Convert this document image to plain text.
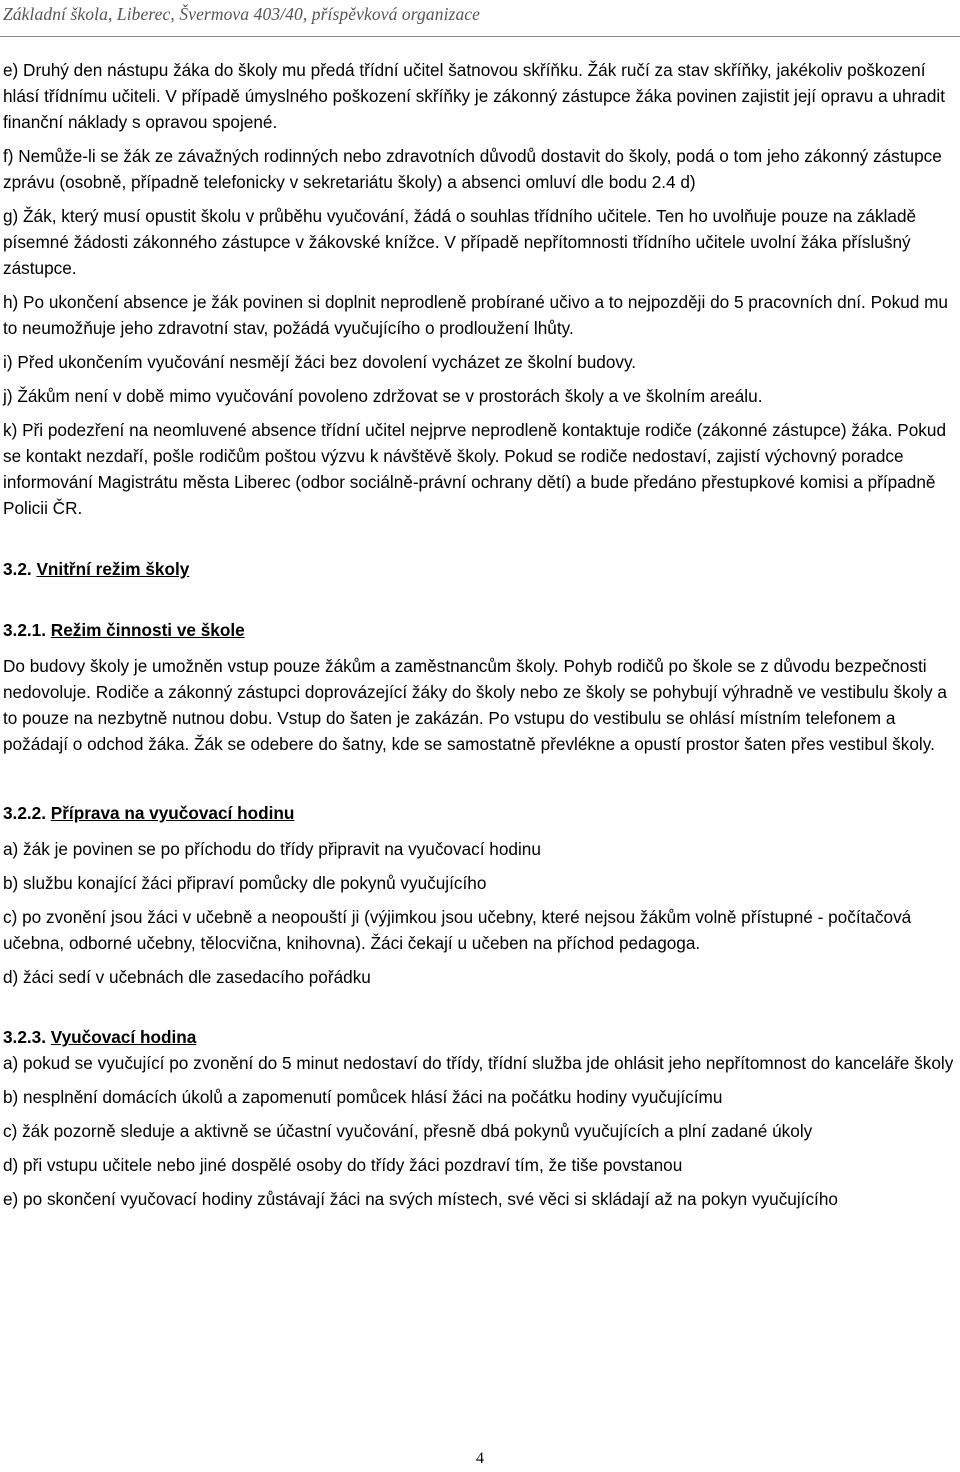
Základní škola, Liberec, Švermova 403/40, příspěvková organizace

e) Druhý den nástupu žáka do školy mu předá třídní učitel šatnovou skříňku. Žák ručí za stav skříňky, jakékoliv poškození hlásí třídnímu učiteli. V případě úmyslného poškození skříňky je zákonný zástupce žáka povinen zajistit její opravu a uhradit finanční náklady s opravou spojené.

f) Nemůže-li se žák ze závažných rodinných nebo zdravotních důvodů dostavit do školy, podá o tom jeho zákonný zástupce zprávu (osobně, případně telefonicky v sekretariátu školy) a absenci omluví dle bodu 2.4 d)

g) Žák, který musí opustit školu v průběhu vyučování, žádá o souhlas třídního učitele. Ten ho uvolňuje pouze na základě písemné žádosti zákonného zástupce v žákovské knížce. V případě nepřítomnosti třídního učitele uvolní žáka příslušný zástupce.

h) Po ukončení absence je žák povinen si doplnit neprodleně probírané učivo a to nejpozději do 5 pracovních dní. Pokud mu to neumožňuje jeho zdravotní stav, požádá vyučujícího o prodloužení lhůty.

i) Před ukončením vyučování nesmějí žáci bez dovolení vycházet ze školní budovy.

j) Žákům není v době mimo vyučování povoleno zdržovat se v prostorách školy a ve školním areálu.

k) Při podezření na neomluvené absence třídní učitel nejprve neprodleně kontaktuje rodiče (zákonné zástupce) žáka. Pokud se kontakt nezdaří, pošle rodičům poštou výzvu k návštěvě školy. Pokud se rodiče nedostaví, zajistí výchovný poradce informování Magistrátu města Liberec (odbor sociálně-právní ochrany dětí) a bude předáno přestupkové komisi a případně Policii ČR.

3.2. Vnitřní režim školy

3.2.1. Režim činnosti ve škole

Do budovy školy je umožněn vstup pouze žákům a zaměstnancům školy. Pohyb rodičů po škole se z důvodu bezpečnosti nedovoluje. Rodiče a zákonný zástupci doprovázející žáky do školy nebo ze školy se pohybují výhradně ve vestibulu školy a to pouze na nezbytně nutnou dobu. Vstup do šaten je zakázán. Po vstupu do vestibulu se ohlásí místním telefonem a požádají o odchod žáka. Žák se odebere do šatny, kde se samostatně převlékne a opustí prostor šaten přes vestibul školy.

3.2.2. Příprava na vyučovací hodinu

a) žák je povinen se po příchodu do třídy připravit na vyučovací hodinu

b) službu konající žáci připraví pomůcky dle pokynů vyučujícího

c) po zvonění jsou žáci v učebně a neopouští ji (výjimkou jsou učebny, které nejsou žákům volně přístupné - počítačová učebna, odborné učebny, tělocvična, knihovna). Žáci čekají u učeben na příchod pedagoga.

d) žáci sedí v učebnách dle zasedacího pořádku

3.2.3. Vyučovací hodina

a) pokud se vyučující po zvonění do 5 minut nedostaví do třídy, třídní služba jde ohlásit jeho nepřítomnost do kanceláře školy

b) nesplnění domácích úkolů a zapomenutí pomůcek hlásí žáci na počátku hodiny vyučujícímu

c) žák pozorně sleduje a aktivně se účastní vyučování, přesně dbá pokynů vyučujících a plní zadané úkoly

d) při vstupu učitele nebo jiné dospělé osoby do třídy žáci pozdraví tím, že tiše povstanou

e) po skončení vyučovací hodiny zůstávají žáci na svých místech, své věci si skládají až na pokyn vyučujícího

4
